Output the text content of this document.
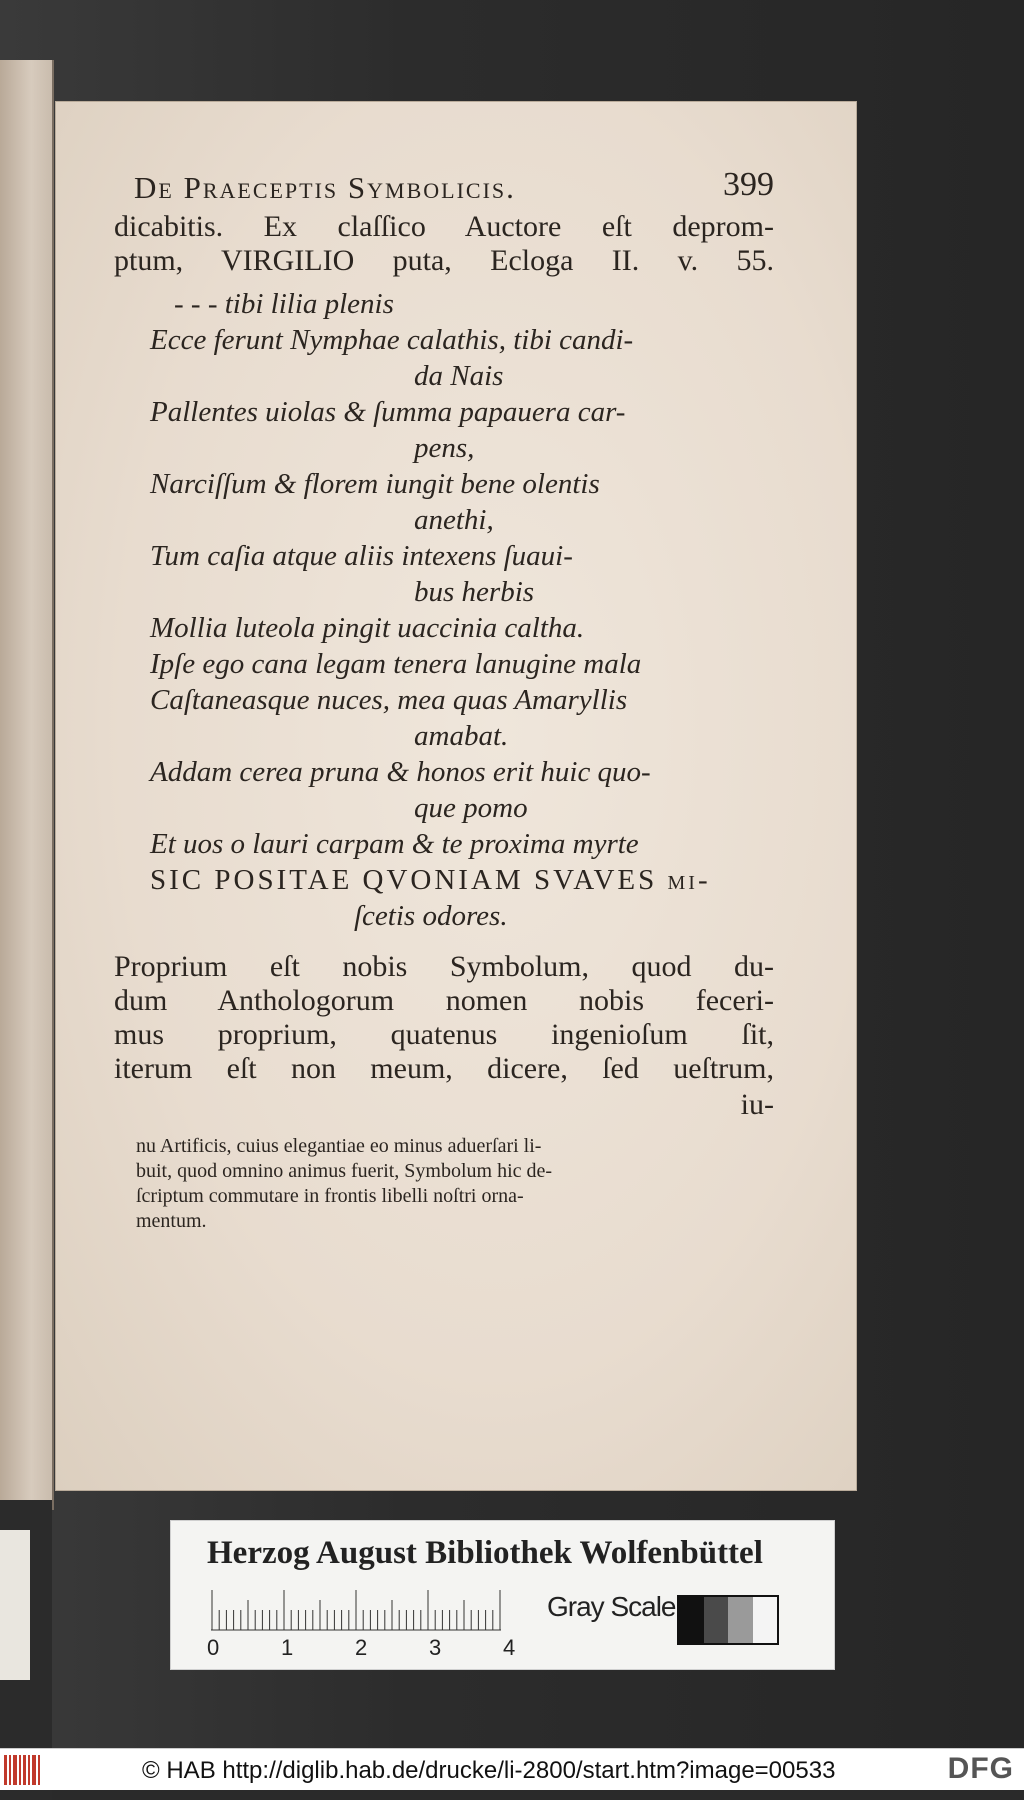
De Praeceptis Symbolicis.	399
dicabitis. Ex claſſico Auctore eſt deprom-
ptum, VIRGILIO puta, Ecloga II. v. 55.
- - - tibi lilia plenis
Ecce ferunt Nymphae calathis, tibi candi-
da Nais
Pallentes uiolas & ſumma papauera car-
pens,
Narciſſum & florem iungit bene olentis
anethi,
Tum caſia atque aliis intexens ſuaui-
bus herbis
Mollia luteola pingit uaccinia caltha.
Ipſe ego cana legam tenera lanugine mala
Caſtaneasque nuces, mea quas Amaryllis
amabat.
Addam cerea pruna & honos erit huic quo-
que pomo
Et uos o lauri carpam & te proxima myrte
SIC POSITAE QVONIAM SVAVES mi-
ſcetis odores.
Proprium eſt nobis Symbolum, quod du-
dum Anthologorum nomen nobis feceri-
mus proprium, quatenus ingenioſum ſit,
iterum eſt non meum, dicere, ſed ueſtrum,
iu-
nu Artificis, cuius elegantiae eo minus aduerſari li-
buit, quod omnino animus fuerit, Symbolum hic de-
ſcriptum commutare in frontis libelli noſtri orna-
mentum.
Herzog August Bibliothek Wolfenbüttel
0	1	2	3	4
Gray Scale
© HAB http://diglib.hab.de/drucke/li-2800/start.htm?image=00533	DFG
